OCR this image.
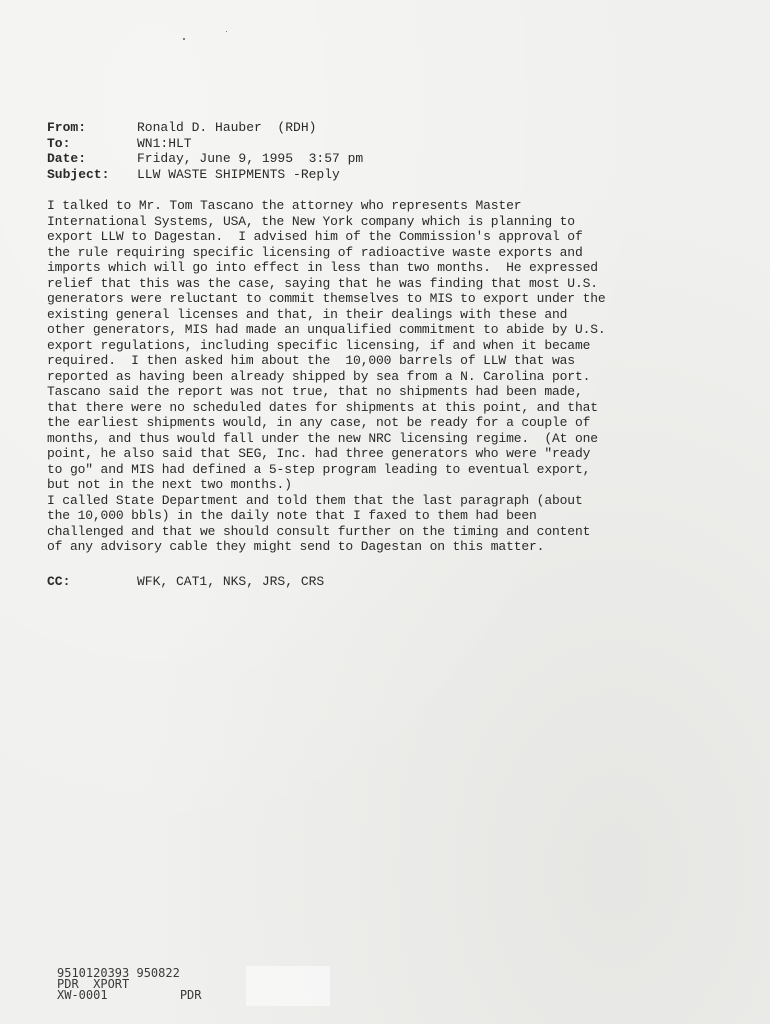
From:	Ronald D. Hauber  (RDH)
To:	WN1:HLT
Date:	Friday, June 9, 1995  3:57 pm
Subject:	LLW WASTE SHIPMENTS -Reply
I talked to Mr. Tom Tascano the attorney who represents Master
International Systems, USA, the New York company which is planning to
export LLW to Dagestan.  I advised him of the Commission's approval of
the rule requiring specific licensing of radioactive waste exports and
imports which will go into effect in less than two months.  He expressed
relief that this was the case, saying that he was finding that most U.S.
generators were reluctant to commit themselves to MIS to export under the
existing general licenses and that, in their dealings with these and
other generators, MIS had made an unqualified commitment to abide by U.S.
export regulations, including specific licensing, if and when it became
required.  I then asked him about the  10,000 barrels of LLW that was
reported as having been already shipped by sea from a N. Carolina port.
Tascano said the report was not true, that no shipments had been made,
that there were no scheduled dates for shipments at this point, and that
the earliest shipments would, in any case, not be ready for a couple of
months, and thus would fall under the new NRC licensing regime.  (At one
point, he also said that SEG, Inc. had three generators who were "ready
to go" and MIS had defined a 5-step program leading to eventual export,
but not in the next two months.)
I called State Department and told them that the last paragraph (about
the 10,000 bbls) in the daily note that I faxed to them had been
challenged and that we should consult further on the timing and content
of any advisory cable they might send to Dagestan on this matter.
CC:	WFK, CAT1, NKS, JRS, CRS
9510120393 950822
PDR  XPORT
XW-0001          PDR
